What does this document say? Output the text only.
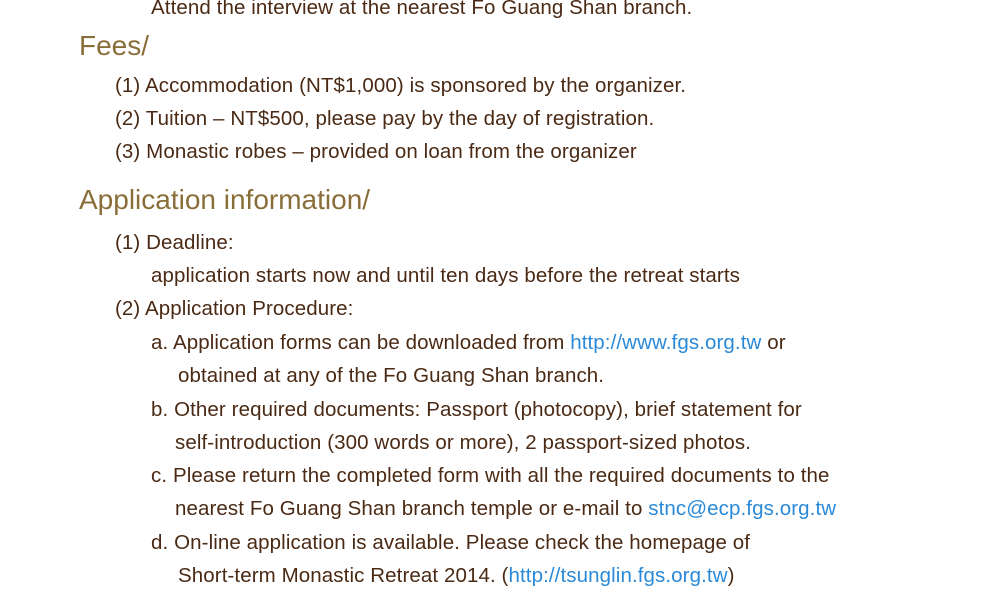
Attend the interview at the nearest Fo Guang Shan branch.
Fees/
(1) Accommodation (NT$1,000) is sponsored by the organizer.
(2) Tuition – NT$500, please pay by the day of registration.
(3) Monastic robes – provided on loan from the organizer
Application information/
(1) Deadline:
application starts now and until ten days before the retreat starts
(2) Application Procedure:
a. Application forms can be downloaded from http://www.fgs.org.tw or
obtained at any of the Fo Guang Shan branch.
b. Other required documents: Passport (photocopy), brief statement for
self-introduction (300 words or more), 2 passport-sized photos.
c. Please return the completed form with all the required documents to the
nearest Fo Guang Shan branch temple or e-mail to stnc@ecp.fgs.org.tw
d. On-line application is available. Please check the homepage of
Short-term Monastic Retreat 2014. (http://tsunglin.fgs.org.tw)
